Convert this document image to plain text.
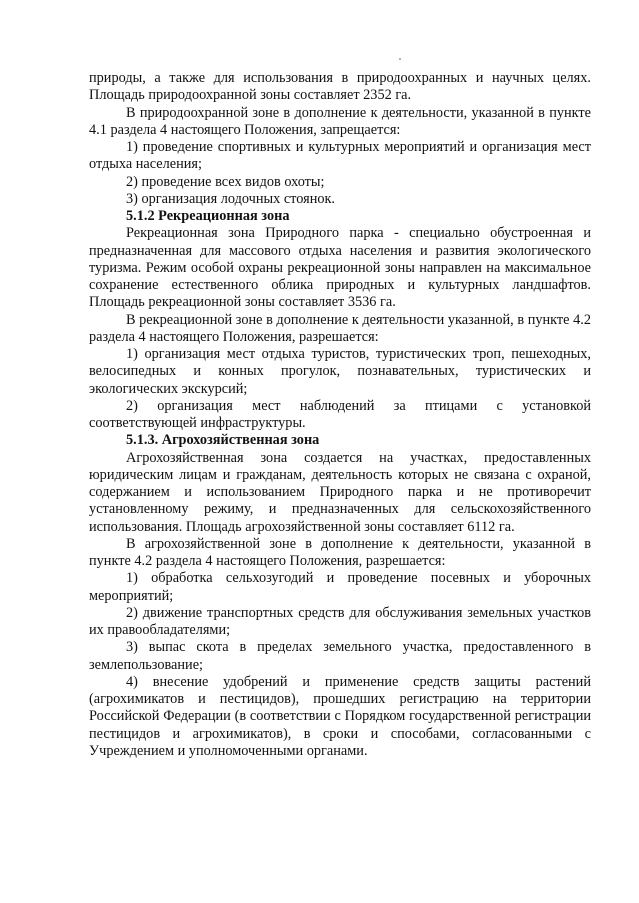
природы, а также для использования в природоохранных и научных целях. Площадь природоохранной зоны составляет 2352 га.

В природоохранной зоне в дополнение к деятельности, указанной в пункте 4.1 раздела 4 настоящего Положения, запрещается:

1) проведение спортивных и культурных мероприятий и организация мест отдыха населения;

2) проведение всех видов охоты;

3) организация лодочных стоянок.

5.1.2 Рекреационная зона

Рекреационная зона Природного парка - специально обустроенная и предназначенная для массового отдыха населения и развития экологического туризма. Режим особой охраны рекреационной зоны направлен на максимальное сохранение естественного облика природных и культурных ландшафтов. Площадь рекреационной зоны составляет 3536 га.

В рекреационной зоне в дополнение к деятельности указанной, в пункте 4.2 раздела 4 настоящего Положения, разрешается:

1) организация мест отдыха туристов, туристических троп, пешеходных, велосипедных и конных прогулок, познавательных, туристических и экологических экскурсий;

2) организация мест наблюдений за птицами с установкой соответствующей инфраструктуры.

5.1.3. Агрохозяйственная зона

Агрохозяйственная зона создается на участках, предоставленных юридическим лицам и гражданам, деятельность которых не связана с охраной, содержанием и использованием Природного парка и не противоречит установленному режиму, и предназначенных для сельскохозяйственного использования. Площадь агрохозяйственной зоны составляет 6112 га.

В агрохозяйственной зоне в дополнение к деятельности, указанной в пункте 4.2 раздела 4 настоящего Положения, разрешается:

1) обработка сельхозугодий и проведение посевных и уборочных мероприятий;

2) движение транспортных средств для обслуживания земельных участков их правообладателями;

3) выпас скота в пределах земельного участка, предоставленного в землепользование;

4) внесение удобрений и применение средств защиты растений (агрохимикатов и пестицидов), прошедших регистрацию на территории Российской Федерации (в соответствии с Порядком государственной регистрации пестицидов и агрохимикатов), в сроки и способами, согласованными с Учреждением и уполномоченными органами.
